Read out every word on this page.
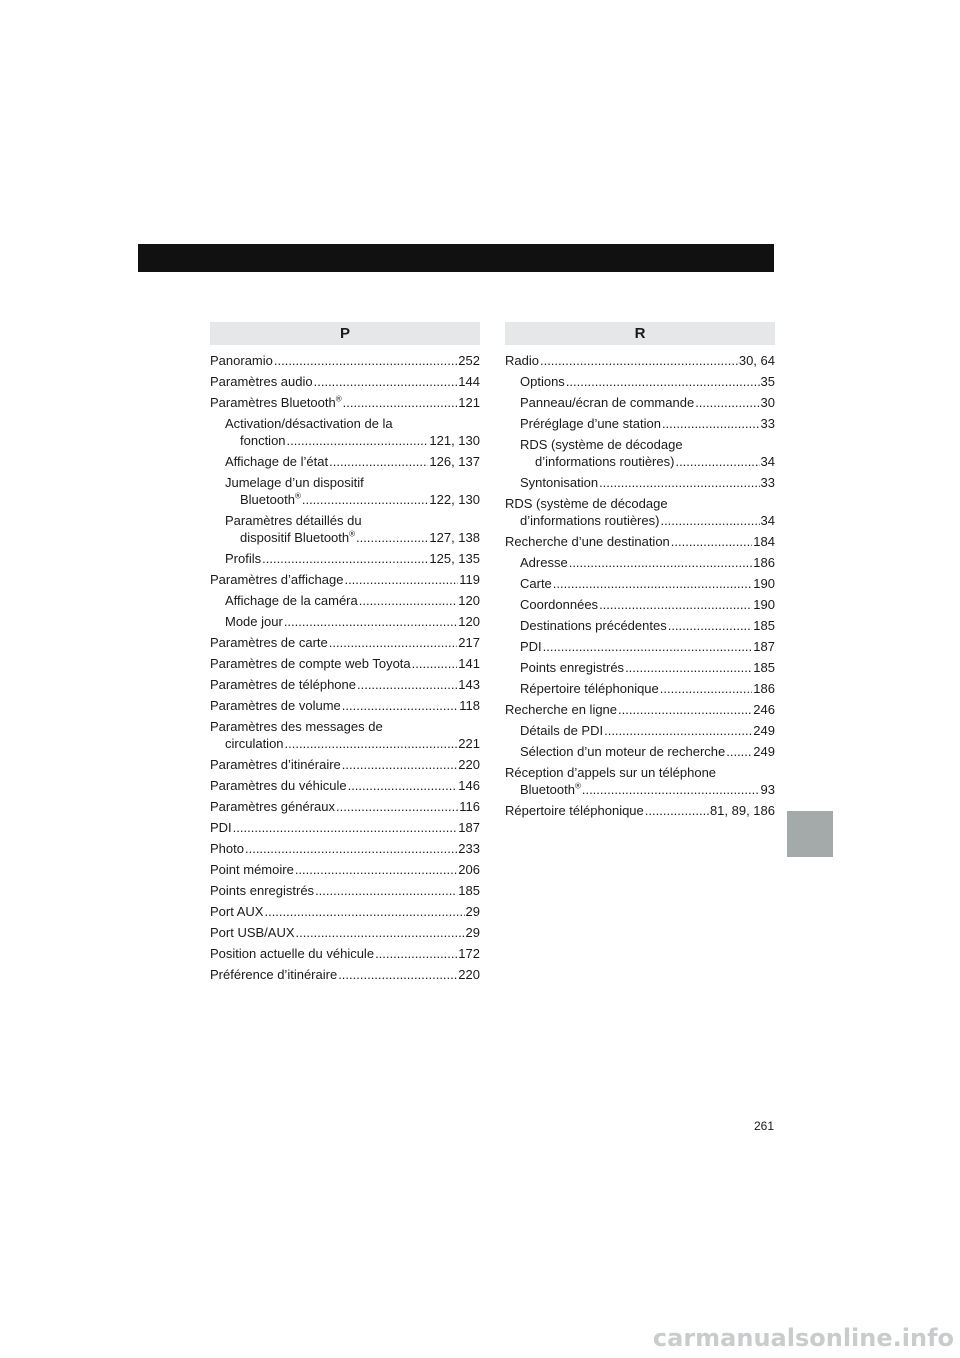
P
Panoramio .....	252
Paramètres audio .....	144
Paramètres Bluetooth® .....	121
Activation/désactivation de la
fonction .....	121, 130
Affichage de l’état .....	126, 137
Jumelage d’un dispositif
Bluetooth® .....	122, 130
Paramètres détaillés du
dispositif Bluetooth® .....	127, 138
Profils .....	125, 135
Paramètres d’affichage .....	119
Affichage de la caméra .....	120
Mode jour .....	120
Paramètres de carte .....	217
Paramètres de compte web Toyota .....	141
Paramètres de téléphone .....	143
Paramètres de volume .....	118
Paramètres des messages de
circulation .....	221
Paramètres d’itinéraire .....	220
Paramètres du véhicule .....	146
Paramètres généraux .....	116
PDI .....	187
Photo .....	233
Point mémoire .....	206
Points enregistrés .....	185
Port AUX .....	29
Port USB/AUX .....	29
Position actuelle du véhicule .....	172
Préférence d’itinéraire .....	220
R
Radio .....	30, 64
Options .....	35
Panneau/écran de commande .....	30
Préréglage d’une station .....	33
RDS (système de décodage
d’informations routières) .....	34
Syntonisation .....	33
RDS (système de décodage
d’informations routières) .....	34
Recherche d’une destination .....	184
Adresse .....	186
Carte .....	190
Coordonnées .....	190
Destinations précédentes .....	185
PDI .....	187
Points enregistrés .....	185
Répertoire téléphonique .....	186
Recherche en ligne .....	246
Détails de PDI .....	249
Sélection d’un moteur de recherche ..... 249
Réception d’appels sur un téléphone
Bluetooth® .....	93
Répertoire téléphonique .....	81, 89, 186
261
carmanualsonline.info
